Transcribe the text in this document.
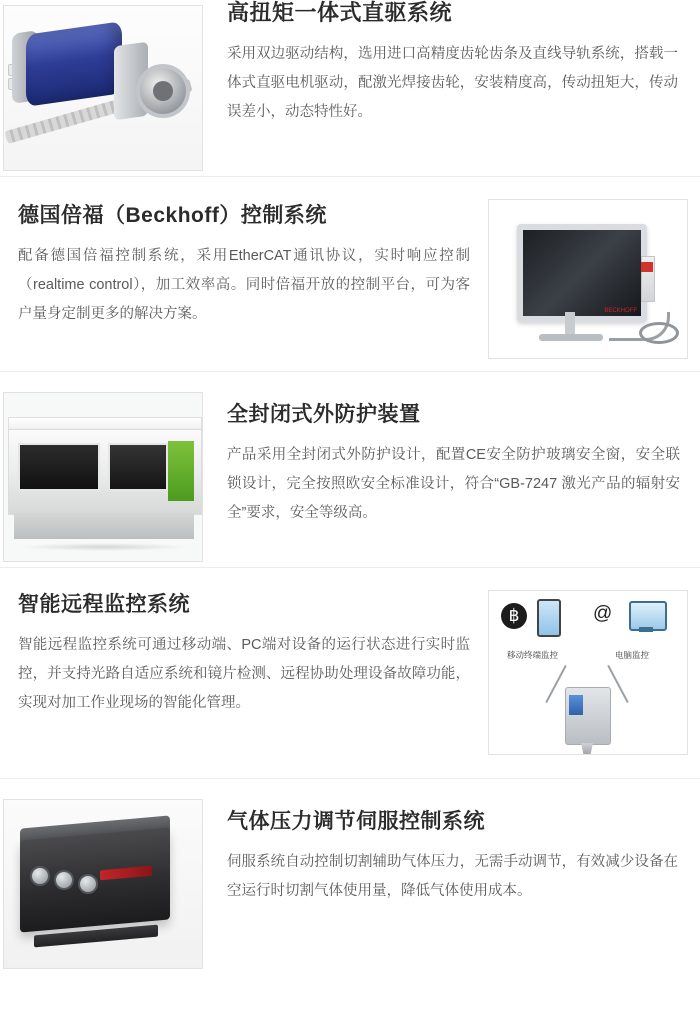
高扭矩一体式直驱系统

采用双边驱动结构，选用进口高精度齿轮齿条及直线导轨系统，搭载一体式直驱电机驱动，配激光焊接齿轮，安装精度高，传动扭矩大，传动误差小，动态特性好。

BECKHOFF
德国倍福（Beckhoff）控制系统

配备德国倍福控制系统，采用EtherCAT通讯协议，实时响应控制（realtime control），加工效率高。同时倍福开放的控制平台，可为客户量身定制更多的解决方案。

全封闭式外防护装置

产品采用全封闭式外防护设计，配置CE安全防护玻璃安全窗，安全联锁设计，完全按照欧安全标准设计，符合“GB-7247 激光产品的辐射安全”要求，安全等级高。

฿	@
移动终端监控	电脑监控
智能远程监控系统

智能远程监控系统可通过移动端、PC端对设备的运行状态进行实时监控，并支持光路自适应系统和镜片检测、远程协助处理设备故障功能，实现对加工作业现场的智能化管理。

气体压力调节伺服控制系统

伺服系统自动控制切割辅助气体压力，无需手动调节，有效减少设备在空运行时切割气体使用量，降低气体使用成本。
